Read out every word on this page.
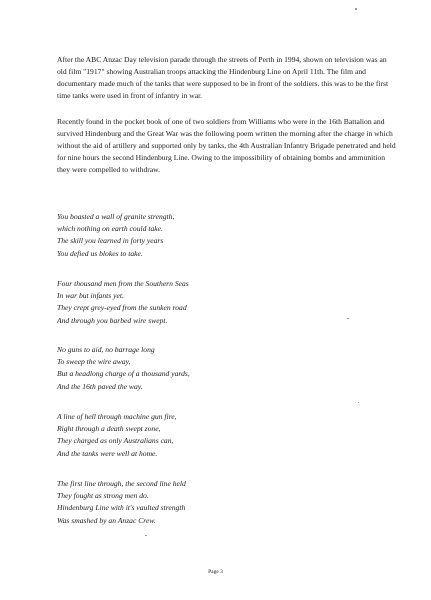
After the ABC Anzac Day television parade through the streets of Perth in 1994, shown on television was an old film "1917" showing Australian troops attacking the Hindenburg Line on April 11th. The film and documentary made much of the tanks that were supposed to be in front of the soldiers. this was to be the first time tanks were used in front of infantry in war.

Recently found in the pocket book of one of two soldiers from Williams who were in the 16th Battalion and survived Hindenburg and the Great War was the following poem written the morning after the charge in which without the aid of artillery and supported only by tanks, the 4th Australian Infantry Brigade penetrated and held for nine hours the second Hindenburg Line. Owing to the impossibility of obtaining bombs and ammunition they were compelled to withdraw.

You boasted a wall of granite strength,
which nothing on earth could take.
The skill you learned in forty years
You defied us blokes to take.
Four thousand men from the Southern Seas
In war but infants yet.
They crept grey-eyed from the sunken road
And through you barbed wire swept.
No guns to aid, no barrage long
To sweep the wire away,
But a headlong charge of a thousand yards,
And the 16th paved the way.
A line of hell through machine gun fire,
Right through a death swept zone,
They charged as only Australians can,
And the tanks were well at home.
The first line through, the second line held
They fought as strong men do.
Hindenburg Line with it's vaulted strength
Was smashed by an Anzac Crew.
Page 3
